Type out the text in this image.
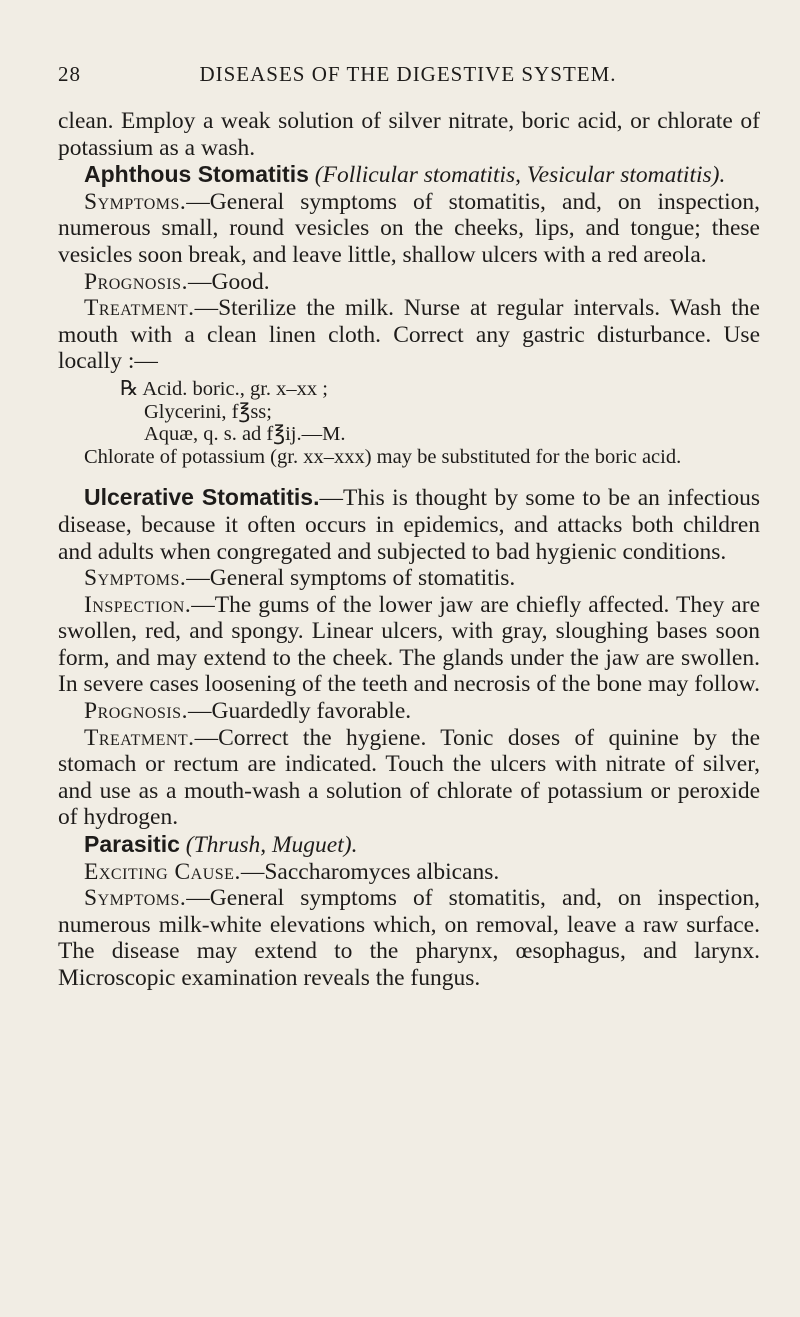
28	DISEASES OF THE DIGESTIVE SYSTEM.

clean. Employ a weak solution of silver nitrate, boric acid, or chlorate of potassium as a wash.

Aphthous Stomatitis (Follicular stomatitis, Vesicular stomatitis).

Symptoms.—General symptoms of stomatitis, and, on inspection, numerous small, round vesicles on the cheeks, lips, and tongue; these vesicles soon break, and leave little, shallow ulcers with a red areola.

Prognosis.—Good.

Treatment.—Sterilize the milk. Nurse at regular intervals. Wash the mouth with a clean linen cloth. Correct any gastric disturbance. Use locally :—

℞ Acid. boric., gr. x–xx ;
Glycerini, f℥ss;
Aquæ, q. s. ad f℥ij.—M.
Chlorate of potassium (gr. xx–xxx) may be substituted for the boric acid.

Ulcerative Stomatitis.—This is thought by some to be an infectious disease, because it often occurs in epidemics, and attacks both children and adults when congregated and subjected to bad hygienic conditions.

Symptoms.—General symptoms of stomatitis.

Inspection.—The gums of the lower jaw are chiefly affected. They are swollen, red, and spongy. Linear ulcers, with gray, sloughing bases soon form, and may extend to the cheek. The glands under the jaw are swollen. In severe cases loosening of the teeth and necrosis of the bone may follow.

Prognosis.—Guardedly favorable.

Treatment.—Correct the hygiene. Tonic doses of quinine by the stomach or rectum are indicated. Touch the ulcers with nitrate of silver, and use as a mouth-wash a solution of chlorate of potassium or peroxide of hydrogen.

Parasitic (Thrush, Muguet).

Exciting Cause.—Saccharomyces albicans.

Symptoms.—General symptoms of stomatitis, and, on inspection, numerous milk-white elevations which, on removal, leave a raw surface. The disease may extend to the pharynx, œsophagus, and larynx. Microscopic examination reveals the fungus.
